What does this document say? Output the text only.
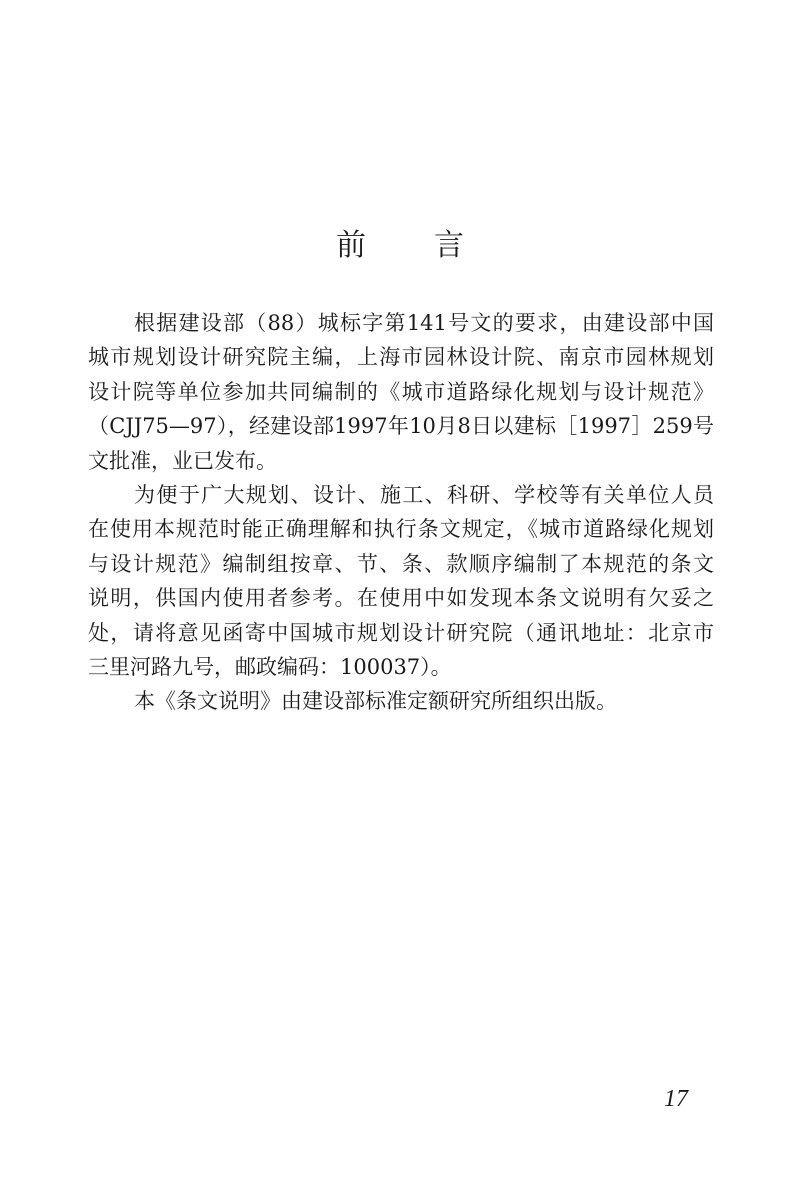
前 言
根据建设部（88）城标字第141号文的要求，由建设部中国
城市规划设计研究院主编，上海市园林设计院、南京市园林规划
设计院等单位参加共同编制的《城市道路绿化规划与设计规范》
（CJJ75—97），经建设部1997年10月8日以建标［1997］259号
文批准，业已发布。
为便于广大规划、设计、施工、科研、学校等有关单位人员
在使用本规范时能正确理解和执行条文规定，《城市道路绿化规划
与设计规范》编制组按章、节、条、款顺序编制了本规范的条文
说明，供国内使用者参考。在使用中如发现本条文说明有欠妥之
处，请将意见函寄中国城市规划设计研究院（通讯地址：北京市
三里河路九号，邮政编码：100037）。
本《条文说明》由建设部标准定额研究所组织出版。
17
